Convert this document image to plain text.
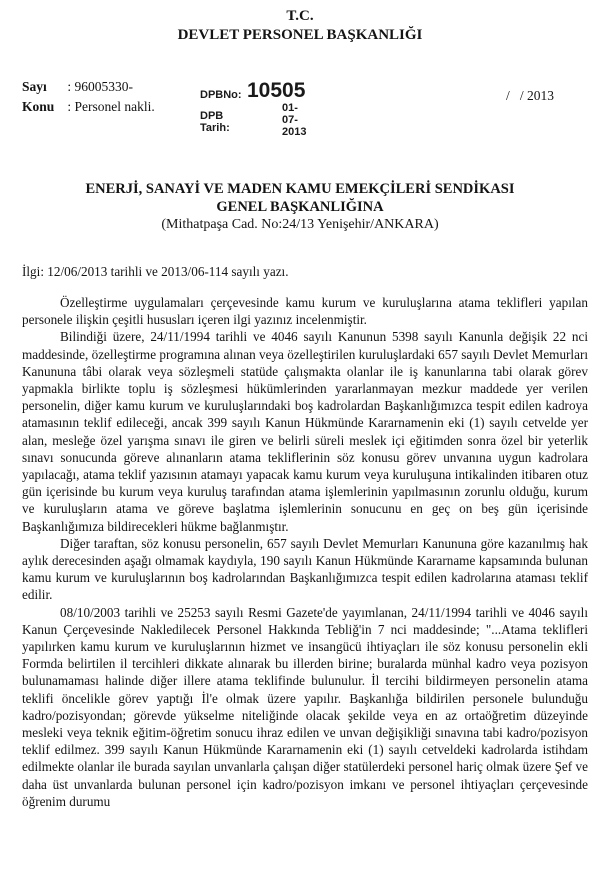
T.C.
DEVLET PERSONEL BAŞKANLIĞI
Sayı : 96005330-
Konu : Personel nakli.
DPBNo: 10505
DPB Tarih:
01-07-2013
/   / 2013
ENERJİ, SANAYİ VE MADEN KAMU EMEKÇİLERİ SENDİKASI
GENEL BAŞKANLIĞINA
(Mithatpaşa Cad. No:24/13 Yenişehir/ANKARA)

İlgi: 12/06/2013 tarihli ve 2013/06-114 sayılı yazı.

Özelleştirme uygulamaları çerçevesinde kamu kurum ve kuruluşlarına atama teklifleri yapılan personele ilişkin çeşitli hususları içeren ilgi yazınız incelenmiştir.

Bilindiği üzere, 24/11/1994 tarihli ve 4046 sayılı Kanunun 5398 sayılı Kanunla değişik 22 nci maddesinde, özelleştirme programına alınan veya özelleştirilen kuruluşlardaki 657 sayılı Devlet Memurları Kanununa tâbi olarak veya sözleşmeli statüde çalışmakta olanlar ile iş kanunlarına tabi olarak görev yapmakla birlikte toplu iş sözleşmesi hükümlerinden yararlanmayan mezkur maddede yer verilen personelin, diğer kamu kurum ve kuruluşlarındaki boş kadrolardan Başkanlığımızca tespit edilen kadroya atamasının teklif edileceği, ancak 399 sayılı Kanun Hükmünde Kararnamenin eki (1) sayılı cetvelde yer alan, mesleğe özel yarışma sınavı ile giren ve belirli süreli meslek içi eğitimden sonra özel bir yeterlik sınavı sonucunda göreve alınanların atama tekliflerinin söz konusu görev unvanına uygun kadrolara yapılacağı, atama teklif yazısının atamayı yapacak kamu kurum veya kuruluşuna intikalinden itibaren otuz gün içerisinde bu kurum veya kuruluş tarafından atama işlemlerinin yapılmasının zorunlu olduğu, kurum ve kuruluşların atama ve göreve başlatma işlemlerinin sonucunu en geç on beş gün içerisinde Başkanlığımıza bildirecekleri hükme bağlanmıştır.

Diğer taraftan, söz konusu personelin, 657 sayılı Devlet Memurları Kanununa göre kazanılmış hak aylık derecesinden aşağı olmamak kaydıyla, 190 sayılı Kanun Hükmünde Kararname kapsamında bulunan kamu kurum ve kuruluşlarının boş kadrolarından Başkanlığımızca tespit edilen kadrolarına ataması teklif edilir.

08/10/2003 tarihli ve 25253 sayılı Resmi Gazete'de yayımlanan, 24/11/1994 tarihli ve 4046 sayılı Kanun Çerçevesinde Nakledilecek Personel Hakkında Tebliğ'in 7 nci maddesinde; "...Atama teklifleri yapılırken kamu kurum ve kuruluşlarının hizmet ve insangücü ihtiyaçları ile söz konusu personelin ekli Formda belirtilen il tercihleri dikkate alınarak bu illerden birine; buralarda münhal kadro veya pozisyon bulunamaması halinde diğer illere atama teklifinde bulunulur. İl tercihi bildirmeyen personelin atama teklifi öncelikle görev yaptığı İl'e olmak üzere yapılır. Başkanlığa bildirilen personele bulunduğu kadro/pozisyondan; görevde yükselme niteliğinde olacak şekilde veya en az ortaöğretim düzeyinde mesleki veya teknik eğitim-öğretim sonucu ihraz edilen ve unvan değişikliği sınavına tabi kadro/pozisyon teklif edilmez. 399 sayılı Kanun Hükmünde Kararnamenin eki (1) sayılı cetveldeki kadrolarda istihdam edilmekte olanlar ile burada sayılan unvanlarla çalışan diğer statülerdeki personel hariç olmak üzere Şef ve daha üst unvanlarda bulunan personel için kadro/pozisyon imkanı ve personel ihtiyaçları çerçevesinde öğrenim durumu
